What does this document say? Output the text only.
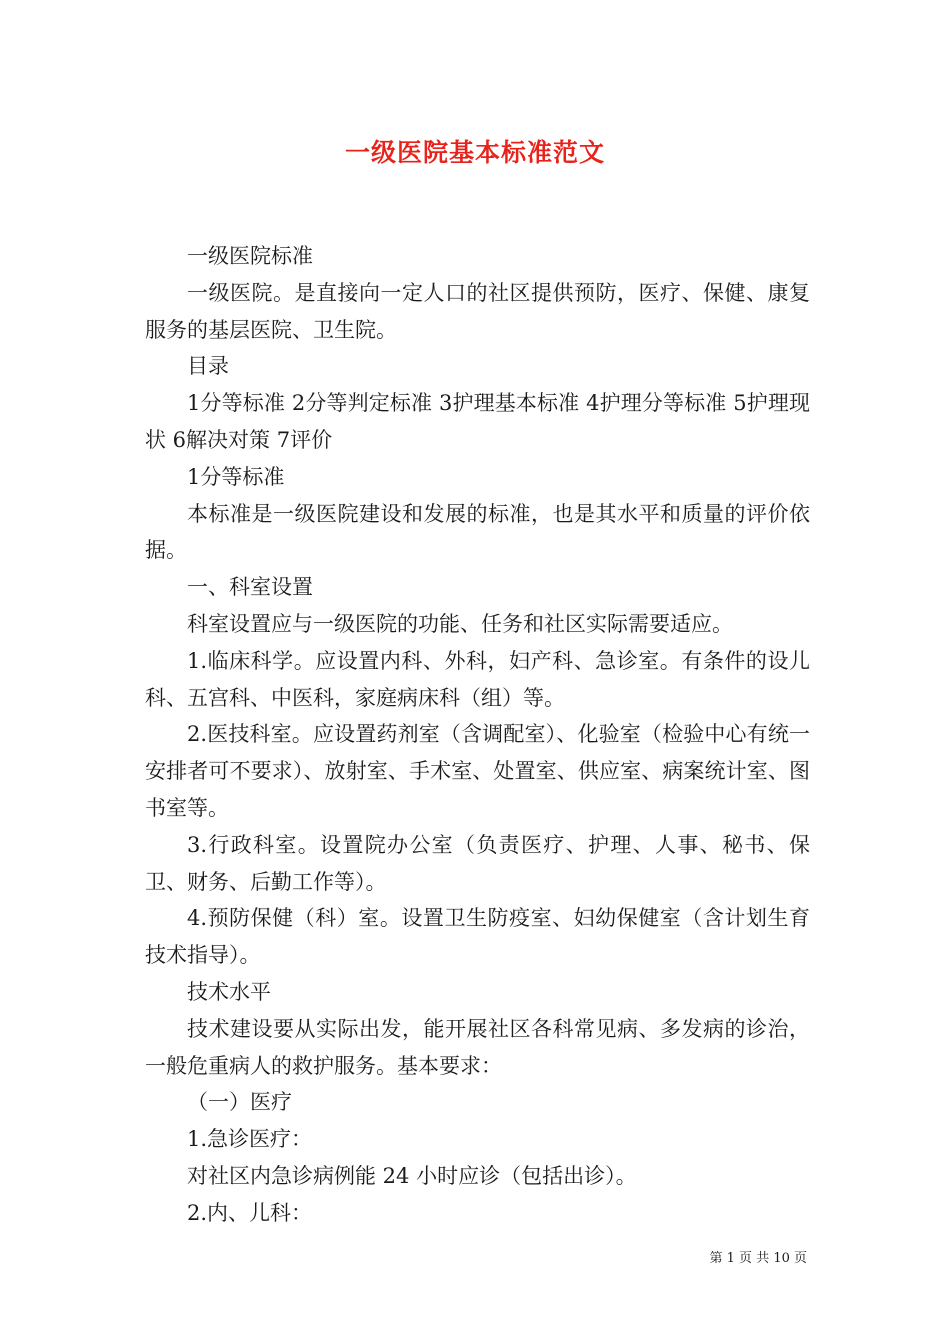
一级医院基本标准范文

一级医院标准

一级医院。是直接向一定人口的社区提供预防，医疗、保健、康复服务的基层医院、卫生院。

目录

1分等标准 2分等判定标准 3护理基本标准 4护理分等标准 5护理现状 6解决对策 7评价

1分等标准

本标准是一级医院建设和发展的标准，也是其水平和质量的评价依据。

一、科室设置

科室设置应与一级医院的功能、任务和社区实际需要适应。

1.临床科学。应设置内科、外科，妇产科、急诊室。有条件的设儿科、五宫科、中医科，家庭病床科（组）等。

2.医技科室。应设置药剂室（含调配室）、化验室（检验中心有统一安排者可不要求）、放射室、手术室、处置室、供应室、病案统计室、图书室等。

3.行政科室。设置院办公室（负责医疗、护理、人事、秘书、保卫、财务、后勤工作等）。

4.预防保健（科）室。设置卫生防疫室、妇幼保健室（含计划生育技术指导）。

技术水平

技术建设要从实际出发，能开展社区各科常见病、多发病的诊治，一般危重病人的救护服务。基本要求：

（一）医疗

1.急诊医疗：

对社区内急诊病例能 24 小时应诊（包括出诊）。

2.内、儿科：

第 1 页 共 10 页
